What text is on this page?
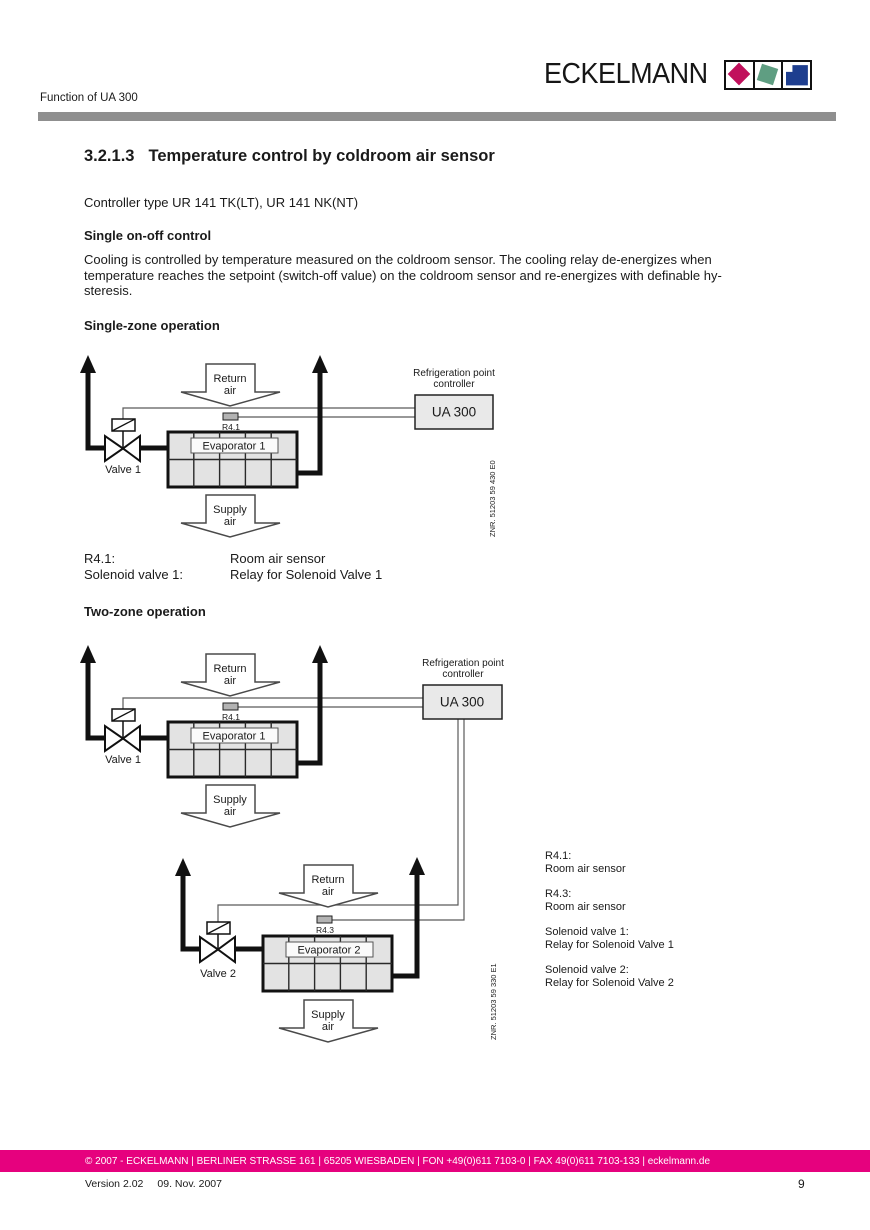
ECKELMANN
Function of UA 300
3.2.1.3 Temperature control by coldroom air sensor
Controller type UR 141 TK(LT), UR 141 NK(NT)
Single on-off control
Cooling is controlled by temperature measured on the coldroom sensor. The cooling relay de-energizes when
temperature reaches the setpoint (switch-off value) on the coldroom sensor and re-energizes with definable hy-
steresis.
Single-zone operation
Return
air
Supply
air
Valve 1
R4.1
Evaporator 1
Refrigeration point
controller
UA 300
ZNR. 51203 59 430 E0
R4.1:	Room air sensor
Solenoid valve 1:	Relay for Solenoid Valve 1
Two-zone operation
Return
air
Supply
air
Valve 1
R4.1
Evaporator 1
Refrigeration point
controller
UA 300
Return
air
Supply
air
Valve 2
R4.3
Evaporator 2
ZNR. 51203 59 330 E1
R4.1:
Room air sensor
R4.3:
Room air sensor
Solenoid valve 1:
Relay for Solenoid Valve 1
Solenoid valve 2:
Relay for Solenoid Valve 2
© 2007 - ECKELMANN | BERLINER STRASSE 161 | 65205 WIESBADEN | FON +49(0)611 7103-0 | FAX 49(0)611 7103-133 | eckelmann.de
Version 2.02 09. Nov. 2007	9
